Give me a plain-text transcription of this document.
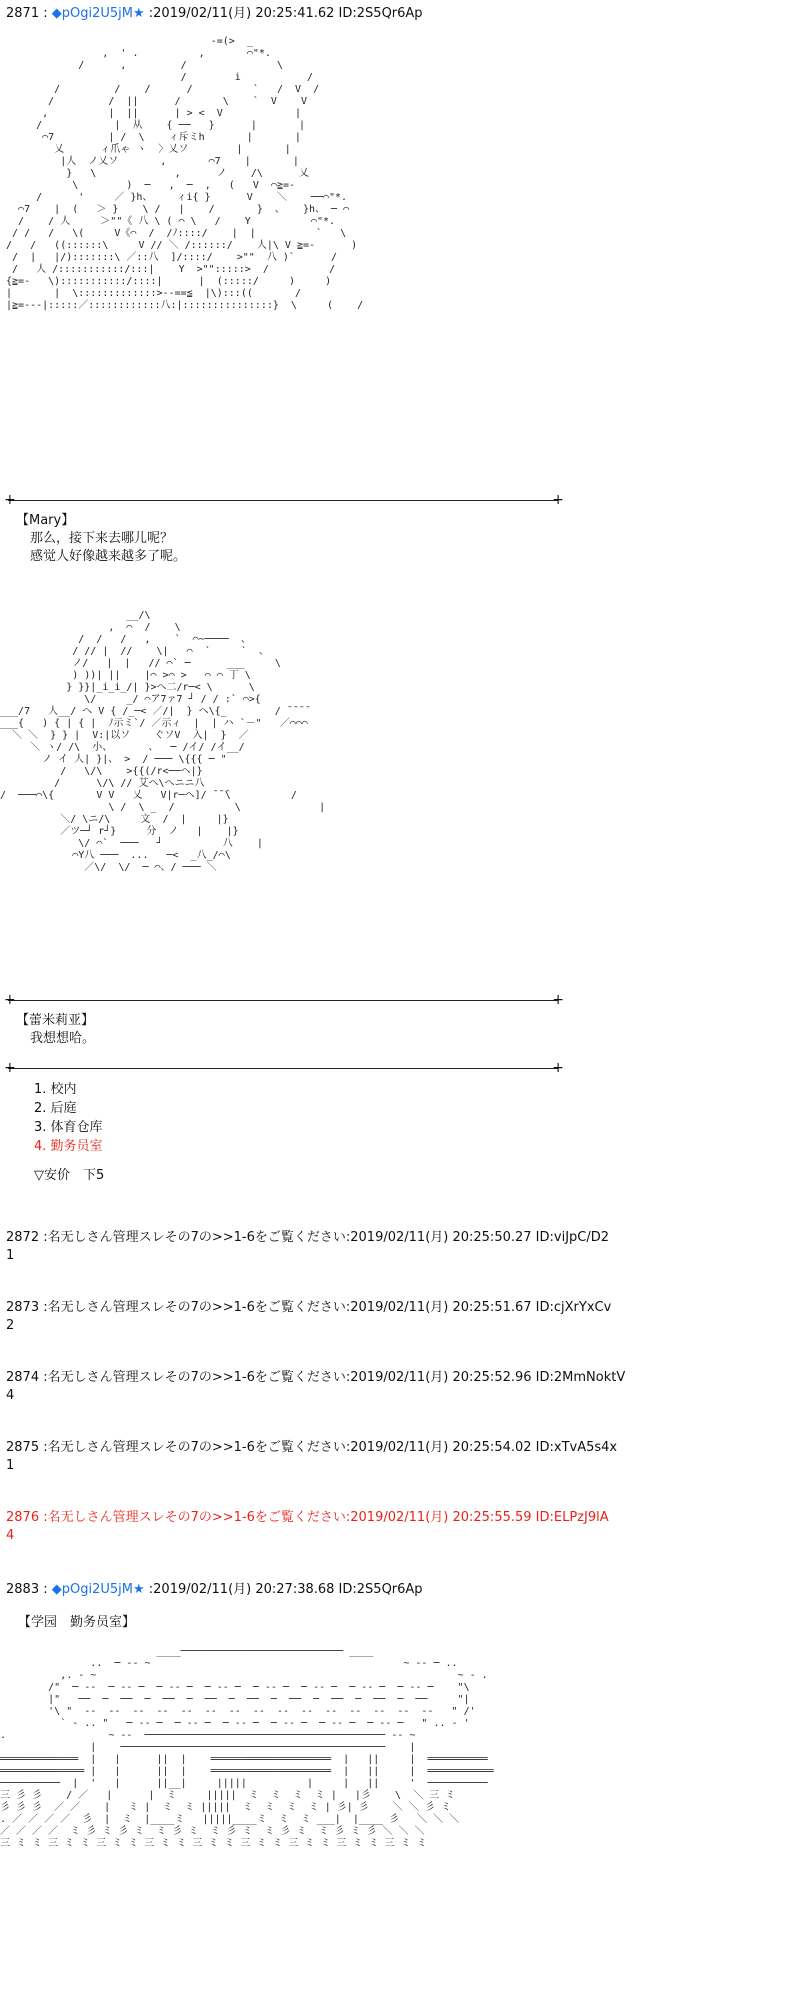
2871 : ◆pOgi2U5jM★ :2019/02/11(月) 20:25:41.62 ID:2S5Qr6Ap
-=(>  _
,  ' .          ,       ⌒"*.
/      ,         /               \
/        i           /
/         /    /      /          `   /  V  /
/         /  ||      /       \    `  V    V
,          |  ||      | > <  V            |
/            |  从    { ──   }      |       |
⌒7         | /  \    ィ斥ミh       |       |
乂      ィ爪ゃ ヽ  〉乂ソ        |       |
|人  ノ乂ソ       ,       ⌒7    |       |
}   \             ,      ノ    /\      乂
\        )  ─   ,  ─  ,   (   V  ⌒≧=-
/      '     ／ }h、    ィi{ }      V    ＼    ──⌒"*.
⌒7    |  (   ＞ }    \ /   |    /       }  、   }h、 ─ ⌒
/    / 人     ＞""《 八 \ ( ⌒ \   /    Y          ⌒"*.
/ /   /   \(     V《⌒  /  /ﾉ::::/    |  |          `   \
/   /   ((::::::\     V // ＼ /::::::/    人|\ V ≧=-      )
/  |   |/):::::::\ ／::八  ]/::::/    >""  八 )`      /
/   人 /:::::::::::/:::|    Y  >"":::::>  /          /
{≧=-   \):::::::::::/::::|      |  (:::::/     )     )
|       |  \:::::::::::::>--==≦  |\):::((       /
|≧=---|:::::／::::::::::::八:|:::::::::::::::}  \     (    /

+	+
【Mary】
那么，接下来去哪儿呢？
感觉人好像越来越多了呢。
__/\
,  ⌒  /    \
/  /   /   ,    `  ⌒~────  、
/ // |  //    \|   ⌒  `     `  、
ノ/   |  |   // ⌒` ─      ___     \
) ))| ||    |⌒ >⌒ >   ⌒ ⌒ 丁 \
} }}|_i_i_/| }>へ二/r─< \      \
\/     _/ ⌒ア7ァ7 ┘ / / :` ⌒>{
___/7   人__/ へ V { /_─< ／/|  } へ\{_        / ̄ ̄ ̄ ̄
___{   ) { | { |  ﾉ示ミ`/ ／示ィ  |  | ハ `－"   ／⌒⌒⌒
＼ ＼  } } |  V:|以ソ    ぐソV  入|  }  ／
＼ ヽ/ /\  小、      、  ─ /イ/ /イ__/
ノ イ 人| }|、 >  / ─── \{{{ ─ "
/   \/\    >{{(/r<──ヘ|}
/      \/\ // 艾ヘ\へニニ八
/  ───⌒\{       V V   乂   V|r─ヘ]/ ̄ ̄ ̄\          /
\ /  \ _  /          \             |
＼/ \ニ/\     文  /  |     |}
／ツ─┘ r┘}     分  ノ   |    |}
\/ ⌒`  ───   ┘          八    |
⌒Y八 ───  ...   ─<  _八_/⌒\
／\/  \/  ─ ⌒、/ ─── ＼

+	+
【蕾米莉亚】
我想想哈。
+	+
1. 校内
2. 后庭
3. 体育仓库
4. 勤务员室
▽安价　下5
2872 :名无しさん管理スレその7の>>1-6をご覧ください:2019/02/11(月) 20:25:50.27 ID:viJpC/D2
1
2873 :名无しさん管理スレその7の>>1-6をご覧ください:2019/02/11(月) 20:25:51.67 ID:cjXrYxCv
2
2874 :名无しさん管理スレその7の>>1-6をご覧ください:2019/02/11(月) 20:25:52.96 ID:2MmNoktV
4
2875 :名无しさん管理スレその7の>>1-6をご覧ください:2019/02/11(月) 20:25:54.02 ID:xTvA5s4x
1
2876 :名无しさん管理スレその7の>>1-6をご覧ください:2019/02/11(月) 20:25:55.59 ID:ELPzJ9lA
4
2883 : ◆pOgi2U5jM★ :2019/02/11(月) 20:27:38.68 ID:2S5Qr6Ap
【学园　勤务员室】
____─────────────────────────── ____
..  ─ ‐‐ ~                                          ~ ‐‐ ─ ..
,. ‐ ~                                                            ~ ‐ .
/"  ─ ‐‐  ─ ‐‐ ─  ─ ‐‐ ─  ─ ‐‐ ─  ─ ‐‐ ─  ─ ‐‐ ─  ─ ‐‐ ─  ─ ‐‐ ─    "\
|"   ──  ─  ──  ─  ──  ─  ──  ─  ──  ─  ──  ─  ──  ─  ──  ─  ──     "|
'\ "  ‐‐  ‐‐  ‐‐  ‐‐  ‐‐  ‐‐  ‐‐  ‐‐  ‐‐  ‐‐  ‐‐  ‐‐  ‐‐  ‐‐  ‐‐   " /'
` ‐ .. "   ─ ‐‐ ─  ─ ‐‐ ─  ─ ‐‐ ─  ─ ‐‐ ─  ─ ‐‐ ─  ─ ‐‐ ─   " .. ‐ '
.                 ~ ‐‐  ──────────────────────────────────────── ‐‐ ~
|    ────────────────────────────────────────────    |
═════════════  |   |      ||  |    ════════════════════  |   ||     |  ══════════
══════════════ |   |      ||  |    ════════════════════  |   ||     |  ═══════════
──────────  |  '   |      ||__|     |||||          |     |   ||     '  ──────────
三 彡 彡    / ／   |      |  ミ     |||||  ミ  ミ  ミ  ミ |   |彡    \  ＼ 三 ミ
彡 彡 彡  ／ ／    |   ミ |  ミ  ミ |||||  ミ  ミ  ミ  ミ | 彡| 彡    ＼ ＼ 彡 ミ
. ／ ／ ／ ／  彡  |  ミ  |____ミ   |||||____ミ  ミ  ミ ___|  |____ 彡   ＼ ＼ ＼
／ ／ ／ ／  ミ 彡 ミ 彡 ミ  ミ 彡 ミ  ミ 彡 ミ  ミ 彡 ミ  ミ 彡 ミ 彡 ＼ ＼ ＼
三 ミ ミ 三 ミ ミ 三 ミ ミ 三 ミ ミ 三 ミ ミ 三 ミ ミ 三 ミ ミ 三 ミ ミ 三 ミ ミ
